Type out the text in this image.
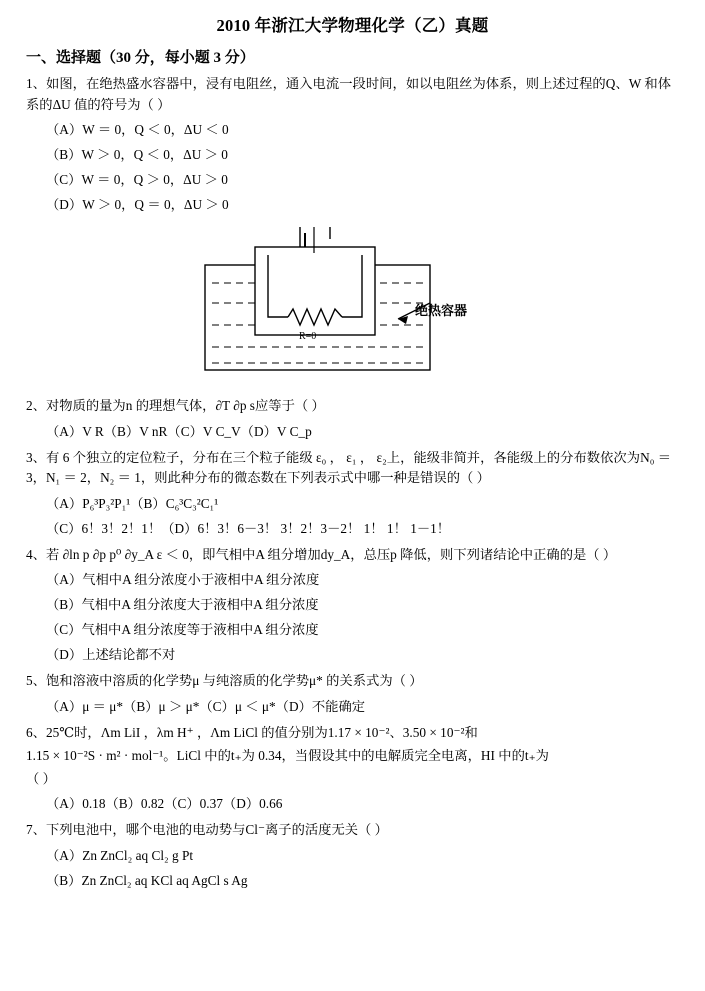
2010 年浙江大学物理化学（乙）真题
一、选择题（30 分，每小题 3 分）
1、如图，在绝热盛水容器中，浸有电阻丝，通入电流一段时间，如以电阻丝为体系，则上述过程的Q、W 和体系的ΔU 值的符号为（ ）
（A）W ＝ 0，Q ＜ 0，ΔU ＜ 0
（B）W ＞ 0，Q ＜ 0，ΔU ＞ 0
（C）W ＝ 0，Q ＞ 0，ΔU ＞ 0
（D）W ＞ 0，Q ＝ 0，ΔU ＞ 0
R=0
绝热容器
2、对物质的量为n 的理想气体，∂T ∂p s应等于（ ）
（A）V R（B）V nR（C）V C_V（D）V C_p
3、有 6 个独立的定位粒子，分布在三个粒子能级 ε₀ ， ε₁ ， ε₂上，能级非简并，各能级上的分布数依次为N₀ ＝ 3，N₁ ＝ 2，N₂ ＝ 1，则此种分布的微态数在下列表示式中哪一种是错误的（ ）
（A）P₆³P₃²P₁¹（B）C₆³C₃²C₁¹
（C）6！3！2！1！（D）6！3！6－3！ 3！2！3－2！ 1！ 1！ 1－1！
4、若 ∂ln p ∂p p⁰ ∂y_A ε ＜ 0，即气相中A 组分增加dy_A，总压p 降低，则下列诸结论中正确的是（ ）
（A）气相中A 组分浓度小于液相中A 组分浓度
（B）气相中A 组分浓度大于液相中A 组分浓度
（C）气相中A 组分浓度等于液相中A 组分浓度
（D）上述结论都不对
5、饱和溶液中溶质的化学势μ 与纯溶质的化学势μ* 的关系式为（ ）
（A）μ ＝ μ*（B）μ ＞ μ*（C）μ ＜ μ*（D）不能确定
6、25℃时，Λm LiI ，λm H⁺ ，Λm LiCl 的值分别为1.17 × 10⁻²、3.50 × 10⁻²和
1.15 × 10⁻²S · m² · mol⁻¹。LiCl 中的t₊为 0.34，当假设其中的电解质完全电离，HI 中的t₊为
（ ）
（A）0.18（B）0.82（C）0.37（D）0.66
7、下列电池中，哪个电池的电动势与Cl⁻离子的活度无关（ ）
（A）Zn ZnCl₂ aq Cl₂ g Pt
（B）Zn ZnCl₂ aq KCl aq AgCl s Ag
